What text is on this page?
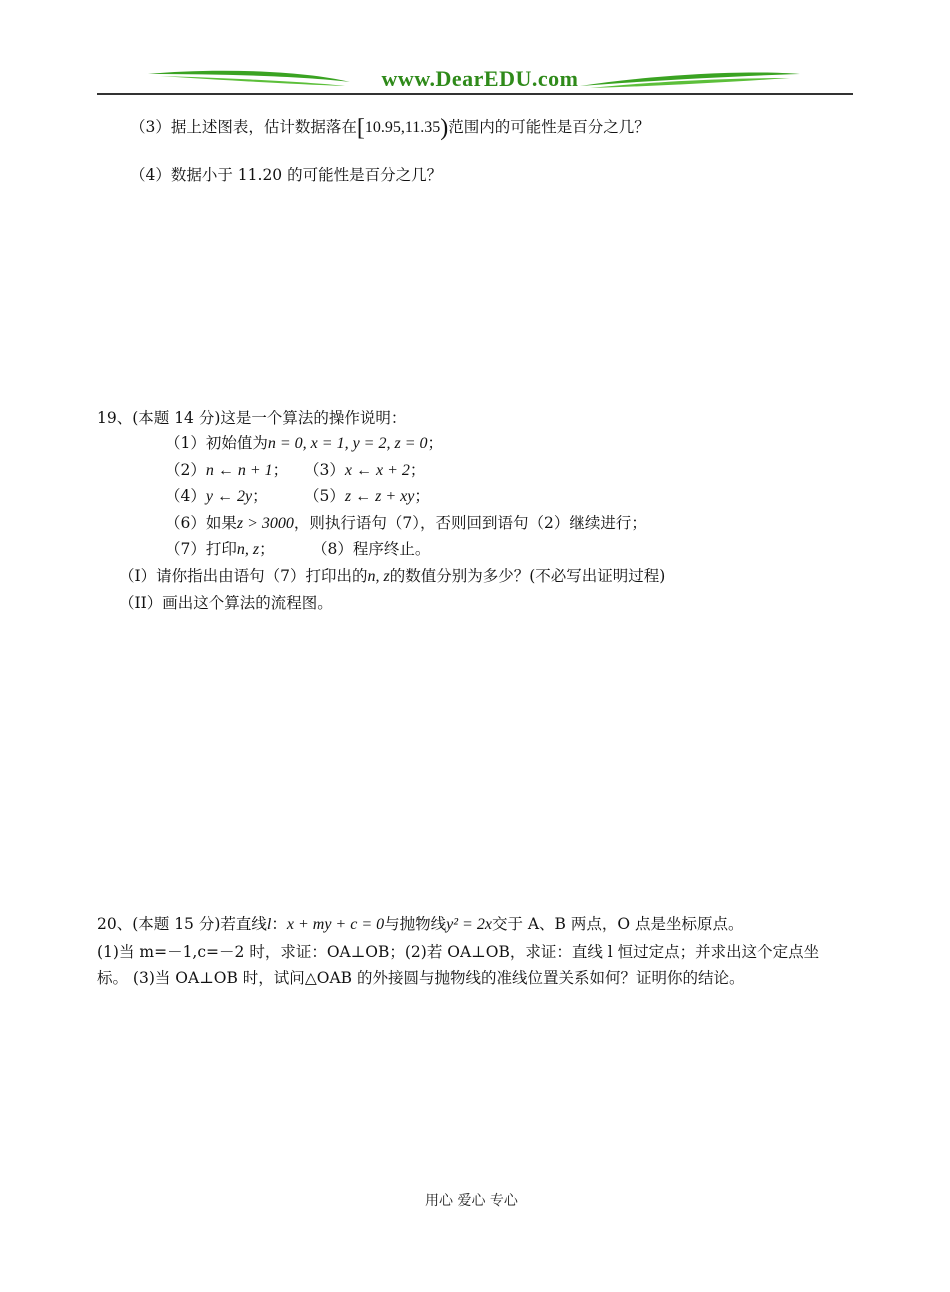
www.DearEDU.com
（3）据上述图表，估计数据落在[10.95,11.35)范围内的可能性是百分之几？
（4）数据小于 11.20 的可能性是百分之几？
19、(本题 14 分)这是一个算法的操作说明：
（1）初始值为n = 0, x = 1, y = 2, z = 0；
（2）n ← n + 1； （3）x ← x + 2；
（4）y ← 2y； （5）z ← z + xy；
（6）如果z > 3000，则执行语句（7），否则回到语句（2）继续进行；
（7）打印n, z； （8）程序终止。
（I）请你指出由语句（7）打印出的n, z的数值分别为多少？(不必写出证明过程)
（II）画出这个算法的流程图。
20、(本题 15 分)若直线l：x + my + c = 0与抛物线y² = 2x交于 A、B 两点，O 点是坐标原点。
(1)当 m=－1,c=－2 时，求证：OA⊥OB；(2)若 OA⊥OB，求证：直线 l 恒过定点；并求出这个定点坐
标。 (3)当 OA⊥OB 时，试问△OAB 的外接圆与抛物线的准线位置关系如何？证明你的结论。
用心 爱心 专心
